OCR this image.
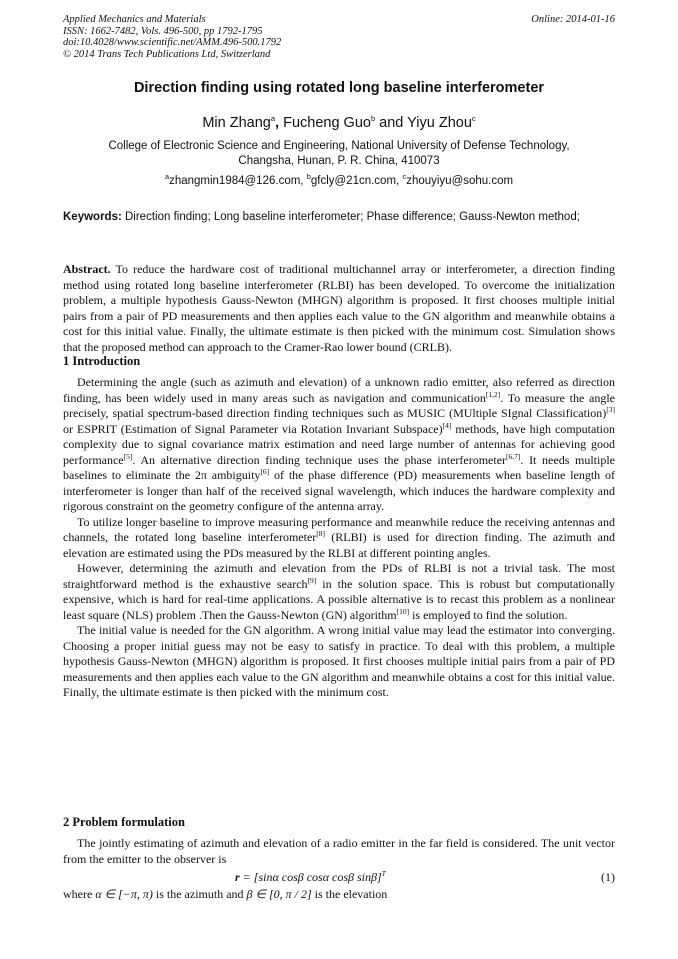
Applied Mechanics and Materials
ISSN: 1662-7482, Vols. 496-500, pp 1792-1795
doi:10.4028/www.scientific.net/AMM.496-500.1792
© 2014 Trans Tech Publications Ltd, Switzerland
Online: 2014-01-16
Direction finding using rotated long baseline interferometer
Min Zhang$^a$, Fucheng Guo$^b$ and Yiyu Zhou$^c$
College of Electronic Science and Engineering, National University of Defense Technology,
Changsha, Hunan, P. R. China, 410073
$^a$zhangmin1984@126.com, $^b$gfcly@21cn.com, $^c$zhouyiyu@sohu.com
Keywords: Direction finding; Long baseline interferometer; Phase difference; Gauss-Newton method;
Abstract. To reduce the hardware cost of traditional multichannel array or interferometer, a direction finding method using rotated long baseline interferometer (RLBI) has been developed. To overcome the initialization problem, a multiple hypothesis Gauss-Newton (MHGN) algorithm is proposed. It first chooses multiple initial pairs from a pair of PD measurements and then applies each value to the GN algorithm and meanwhile obtains a cost for this initial value. Finally, the ultimate estimate is then picked with the minimum cost. Simulation shows that the proposed method can approach to the Cramer-Rao lower bound (CRLB).
1 Introduction

Determining the angle (such as azimuth and elevation) of a unknown radio emitter, also referred as direction finding, has been widely used in many areas such as navigation and communication[1,2]. To measure the angle precisely, spatial spectrum-based direction finding techniques such as MUSIC (MUltiple SIgnal Classification)[3] or ESPRIT (Estimation of Signal Parameter via Rotation Invariant Subspace)[4] methods, have high computation complexity due to signal covariance matrix estimation and need large number of antennas for achieving good performance[5]. An alternative direction finding technique uses the phase interferometer[6,7]. It needs multiple baselines to eliminate the 2π ambiguity[6] of the phase difference (PD) measurements when baseline length of interferometer is longer than half of the received signal wavelength, which induces the hardware complexity and rigorous constraint on the geometry configure of the antenna array.

To utilize longer baseline to improve measuring performance and meanwhile reduce the receiving antennas and channels, the rotated long baseline interferometer[8] (RLBI) is used for direction finding. The azimuth and elevation are estimated using the PDs measured by the RLBI at different pointing angles.

However, determining the azimuth and elevation from the PDs of RLBI is not a trivial task. The most straightforward method is the exhaustive search[9] in the solution space. This is robust but computationally expensive, which is hard for real-time applications. A possible alternative is to recast this problem as a nonlinear least square (NLS) problem .Then the Gauss-Newton (GN) algorithm[10] is employed to find the solution.

The initial value is needed for the GN algorithm. A wrong initial value may lead the estimator into converging. Choosing a proper initial guess may not be easy to satisfy in practice. To deal with this problem, a multiple hypothesis Gauss-Newton (MHGN) algorithm is proposed. It first chooses multiple initial pairs from a pair of PD measurements and then applies each value to the GN algorithm and meanwhile obtains a cost for this initial value. Finally, the ultimate estimate is then picked with the minimum cost.

2 Problem formulation

The jointly estimating of azimuth and elevation of a radio emitter in the far field is considered. The unit vector from the emitter to the observer is

r = [sinα cosβ cosα cosβ sinβ]$^T$	(1)
where α ∈ [−π, π) is the azimuth and β ∈ [0, π / 2] is the elevation
